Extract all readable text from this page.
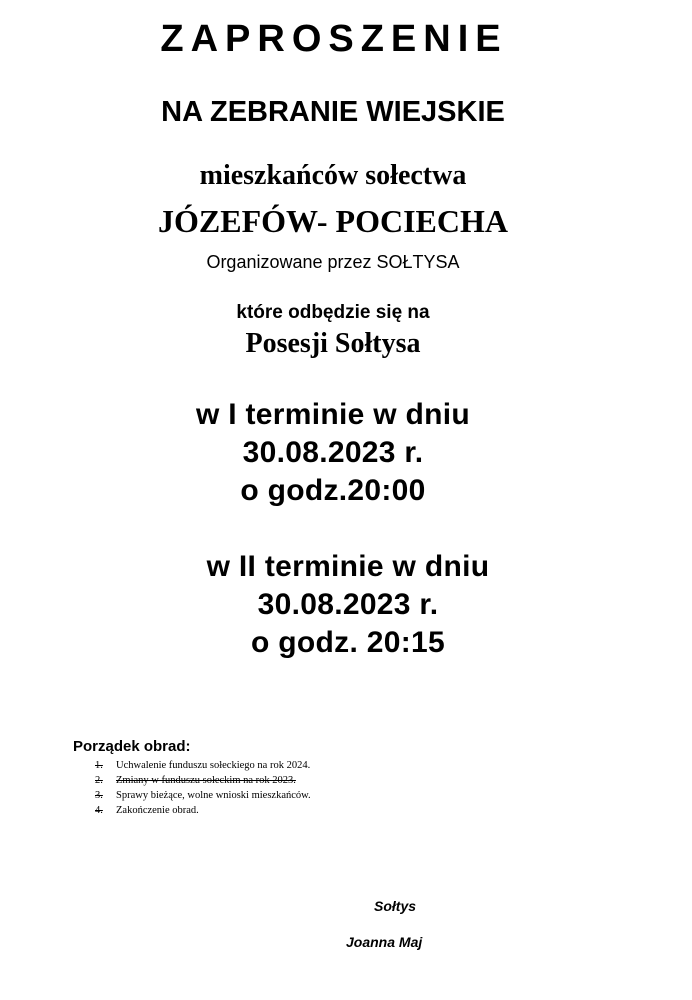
ZAPROSZENIE
NA ZEBRANIE WIEJSKIE
mieszkańców sołectwa
JÓZEFÓW- POCIECHA
Organizowane przez SOŁTYSA
które odbędzie się na
Posesji Sołtysa
w I terminie w dniu
30.08.2023 r.
o godz.20:00
w II terminie w dniu
30.08.2023 r.
o godz. 20:15
Porządek obrad:
1. Uchwalenie funduszu sołeckiego na rok 2024.
2. Zmiany w funduszu sołeckim na rok 2023.
3. Sprawy bieżące, wolne wnioski mieszkańców.
4. Zakończenie obrad.
Sołtys
Joanna Maj
